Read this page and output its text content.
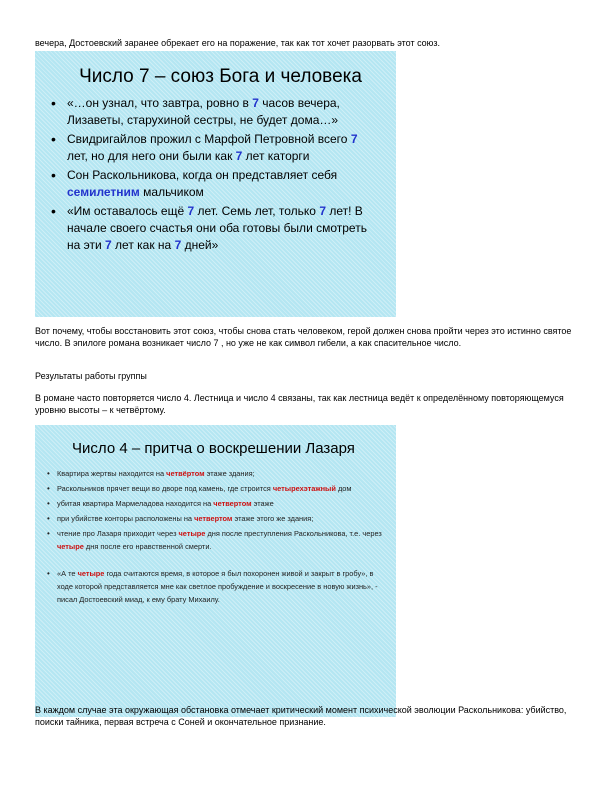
вечера, Достоевский заранее обрекает его на поражение, так как тот хочет разорвать этот союз.

Число 7 – союз Бога и человека
• «…он узнал, что завтра, ровно в 7 часов вечера, Лизаветы, старухиной сестры, не будет дома…»
• Свидригайлов прожил с Марфой Петровной всего 7 лет, но для него они были как 7 лет каторги
• Сон Раскольникова, когда он представляет себя семилетним мальчиком
• «Им оставалось ещё 7 лет. Семь лет, только 7 лет! В начале своего счастья они оба готовы были смотреть на эти 7 лет как на 7 дней»

Вот почему, чтобы восстановить этот союз, чтобы снова стать человеком, герой должен снова пройти через это истинно святое число. В эпилоге романа возникает число 7 , но уже не как символ гибели, а как спасительное число.

Результаты работы группы

В романе часто повторяется число 4. Лестница и число 4 связаны, так как лестница ведёт к определённому повторяющемуся уровню высоты – к четвёртому.

Число 4 – притча о воскрешении Лазаря
• Квартира жертвы находится на четвёртом этаже здания;
• Раскольников прячет вещи во дворе под камень, где строится четырехэтажный дом
• убитая квартира Мармеладова находится на четвертом этаже
• при убийстве конторы расположены на четвертом этаже этого же здания;
• чтение про Лазаря приходит через четыре дня после преступления Раскольникова, т.е. через четыре дня после его нравственной смерти.
• «А те четыре года считаются время, в которое я был похоронен живой и закрыт в гробу», в ходе которой представляется мне как светлое пробуждение и воскресение в новую жизнь», - писал Достоевский миад, к ему брату Михаилу.

В каждом случае эта окружающая обстановка отмечает критический момент психической эволюции Раскольникова: убийство, поиски тайника, первая встреча с Соней и окончательное признание.
